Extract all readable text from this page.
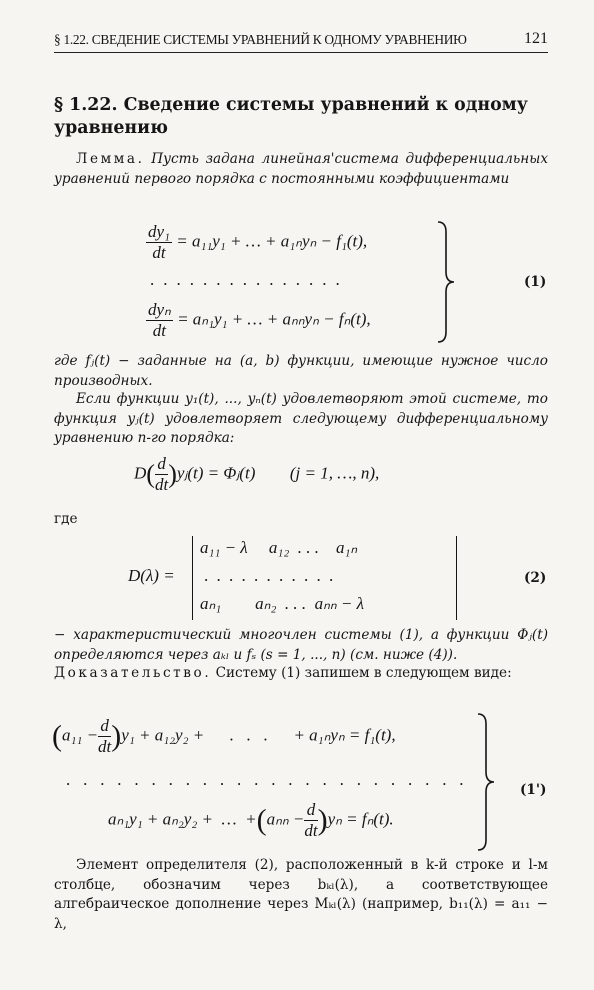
§ 1.22. СВЕДЕНИЕ СИСТЕМЫ УРАВНЕНИЙ К ОДНОМУ УРАВНЕНИЮ	121
§ 1.22. Сведение системы уравнений к одному уравнению
Лемма. Пусть задана линейная'система дифференциальных уравнений первого порядка с постоянными коэффициентами
$\frac{\text{dy₁}}{dt} = a_{11}y_1$ + … + a₁ₙyₙ − f₁(t),
...............
$\frac{\text{dyₙ}}{dt} = a_{n1}y_1$ + … + aₙₙyₙ − fₙ(t),
(1)
где fⱼ(t) − заданные на (a, b) функции, имеющие нужное число производных.
Если функции y₁(t), ..., yₙ(t) удовлетворяют этой системе, то функция yⱼ(t) удовлетворяет следующему дифференциальному уравнению n-го порядка:
$D( \frac{d}{dt}$ )yⱼ(t) = Φⱼ(t) (j = 1, …, n),
где
D(λ) =
a₁₁ − λ     a₁₂  . . .    a₁ₙ
. . . . . . . . . . .
aₙ₁        aₙ₂  . . .  aₙₙ − λ
(2)
− характеристический многочлен системы (1), а функции Φⱼ(t) определяются через aₖₗ и fₛ (s = 1, ..., n) (см. ниже (4)).
Доказательство. Систему (1) запишем в следующем виде:
$(a_{11} - \frac{d}{dt} )y_1 + a_{12}y_2$ +      .   .   .      + a₁ₙyₙ = f₁(t),
. . . . . . . . . . . . . . . . . . . . . . . .
aₙ₁y₁ + aₙ₂y₂ +  …  $+(a_{nn} - \frac{d}{dt} )y_n = f_n(t)$.
(1')
Элемент определителя (2), расположенный в k-й строке и l-м столбце, обозначим через bₖₗ(λ), а соответствующее алгебраическое дополнение через Mₖₗ(λ) (например, b₁₁(λ) = a₁₁ − λ,
